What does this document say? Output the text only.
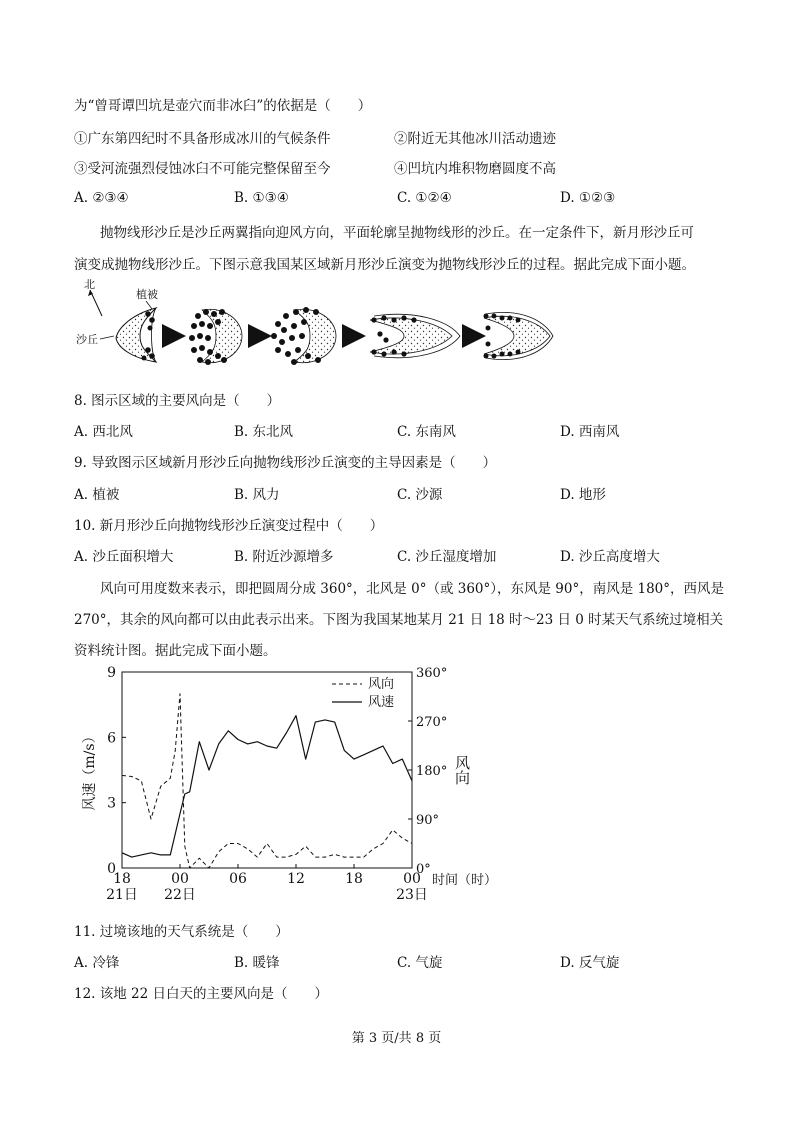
为“曾哥谭凹坑是壶穴而非冰臼”的依据是（　　）
①广东第四纪时不具备形成冰川的气候条件	②附近无其他冰川活动遗迹
③受河流强烈侵蚀冰臼不可能完整保留至今	④凹坑内堆积物磨圆度不高
A. ②③④	B. ①③④	C. ①②④	D. ①②③
抛物线形沙丘是沙丘两翼指向迎风方向，平面轮廓呈抛物线形的沙丘。在一定条件下，新月形沙丘可
演变成抛物线形沙丘。下图示意我国某区域新月形沙丘演变为抛物线形沙丘的过程。据此完成下面小题。
北
植被
沙丘
8. 图示区域的主要风向是（　　）
A. 西北风	B. 东北风	C. 东南风	D. 西南风
9. 导致图示区域新月形沙丘向抛物线形沙丘演变的主导因素是（　　）
A. 植被	B. 风力	C. 沙源	D. 地形
10. 新月形沙丘向抛物线形沙丘演变过程中（　　）
A. 沙丘面积增大	B. 附近沙源增多	C. 沙丘湿度增加	D. 沙丘高度增大
风向可用度数来表示，即把圆周分成 360°，北风是 0°（或 360°），东风是 90°，南风是 180°，西风是
270°，其余的风向都可以由此表示出来。下图为我国某地某月 21 日 18 时～23 日 0 时某天气系统过境相关
资料统计图。据此完成下面小题。
0
3
6
9
0°
90°
180°
270°
360°
18
21日
00
22日
06	12	18	00
23日
风速（m/s）	风向
时间（时）
风向
风速
11. 过境该地的天气系统是（　　）
A. 冷锋	B. 暖锋	C. 气旋	D. 反气旋
12. 该地 22 日白天的主要风向是（　　）
第 3 页/共 8 页
